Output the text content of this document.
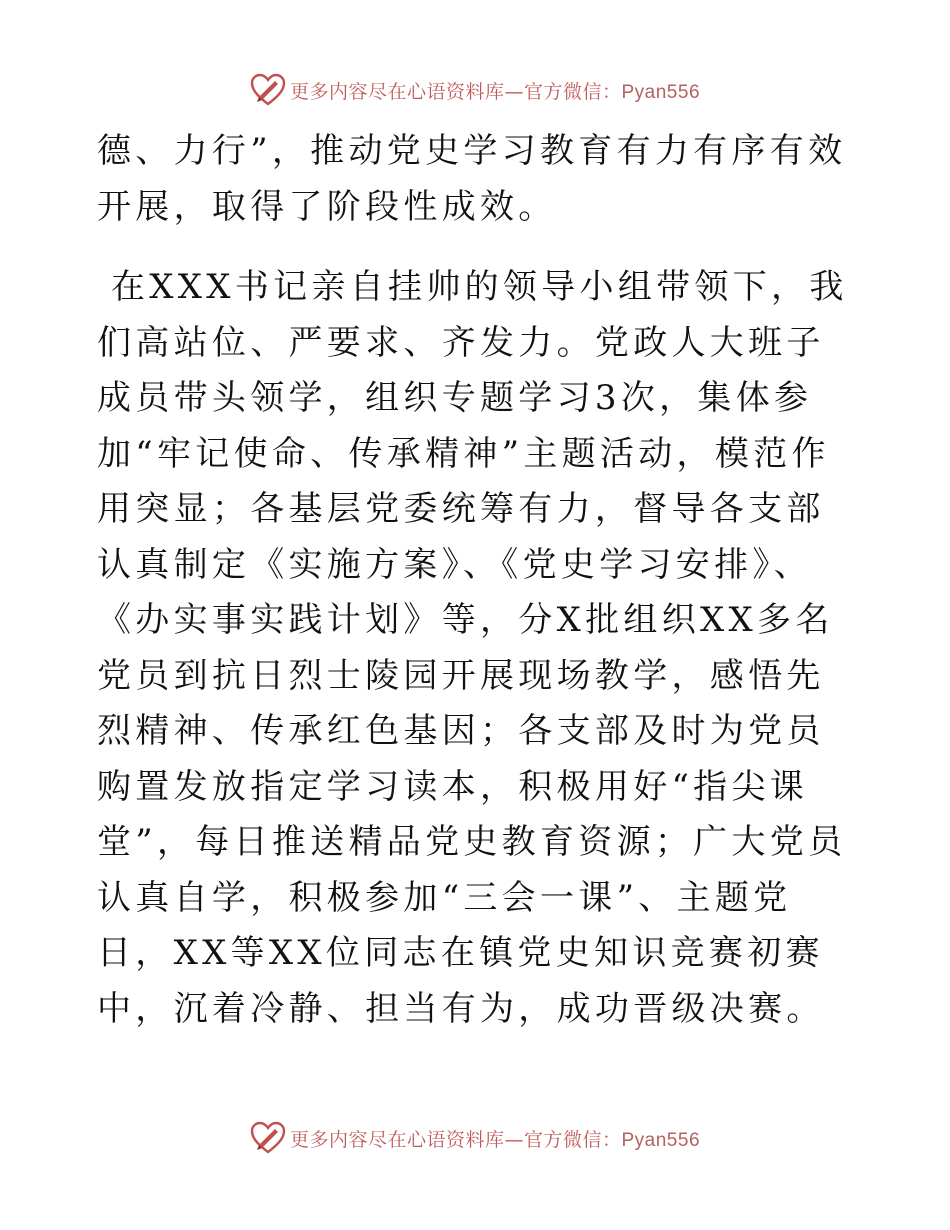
更多内容尽在心语资料库—官方微信：Pyan556

德、力行”，推动党史学习教育有力有序有效开展，取得了阶段性成效。

在XXX书记亲自挂帅的领导小组带领下，我们高站位、严要求、齐发力。党政人大班子成员带头领学，组织专题学习3次，集体参加“牢记使命、传承精神”主题活动，模范作用突显；各基层党委统筹有力，督导各支部认真制定《实施方案》、《党史学习安排》、《办实事实践计划》等，分X批组织XX多名党员到抗日烈士陵园开展现场教学，感悟先烈精神、传承红色基因；各支部及时为党员购置发放指定学习读本，积极用好“指尖课堂”，每日推送精品党史教育资源；广大党员认真自学，积极参加“三会一课”、主题党日，XX等XX位同志在镇党史知识竞赛初赛中，沉着冷静、担当有为，成功晋级决赛。

更多内容尽在心语资料库—官方微信：Pyan556
